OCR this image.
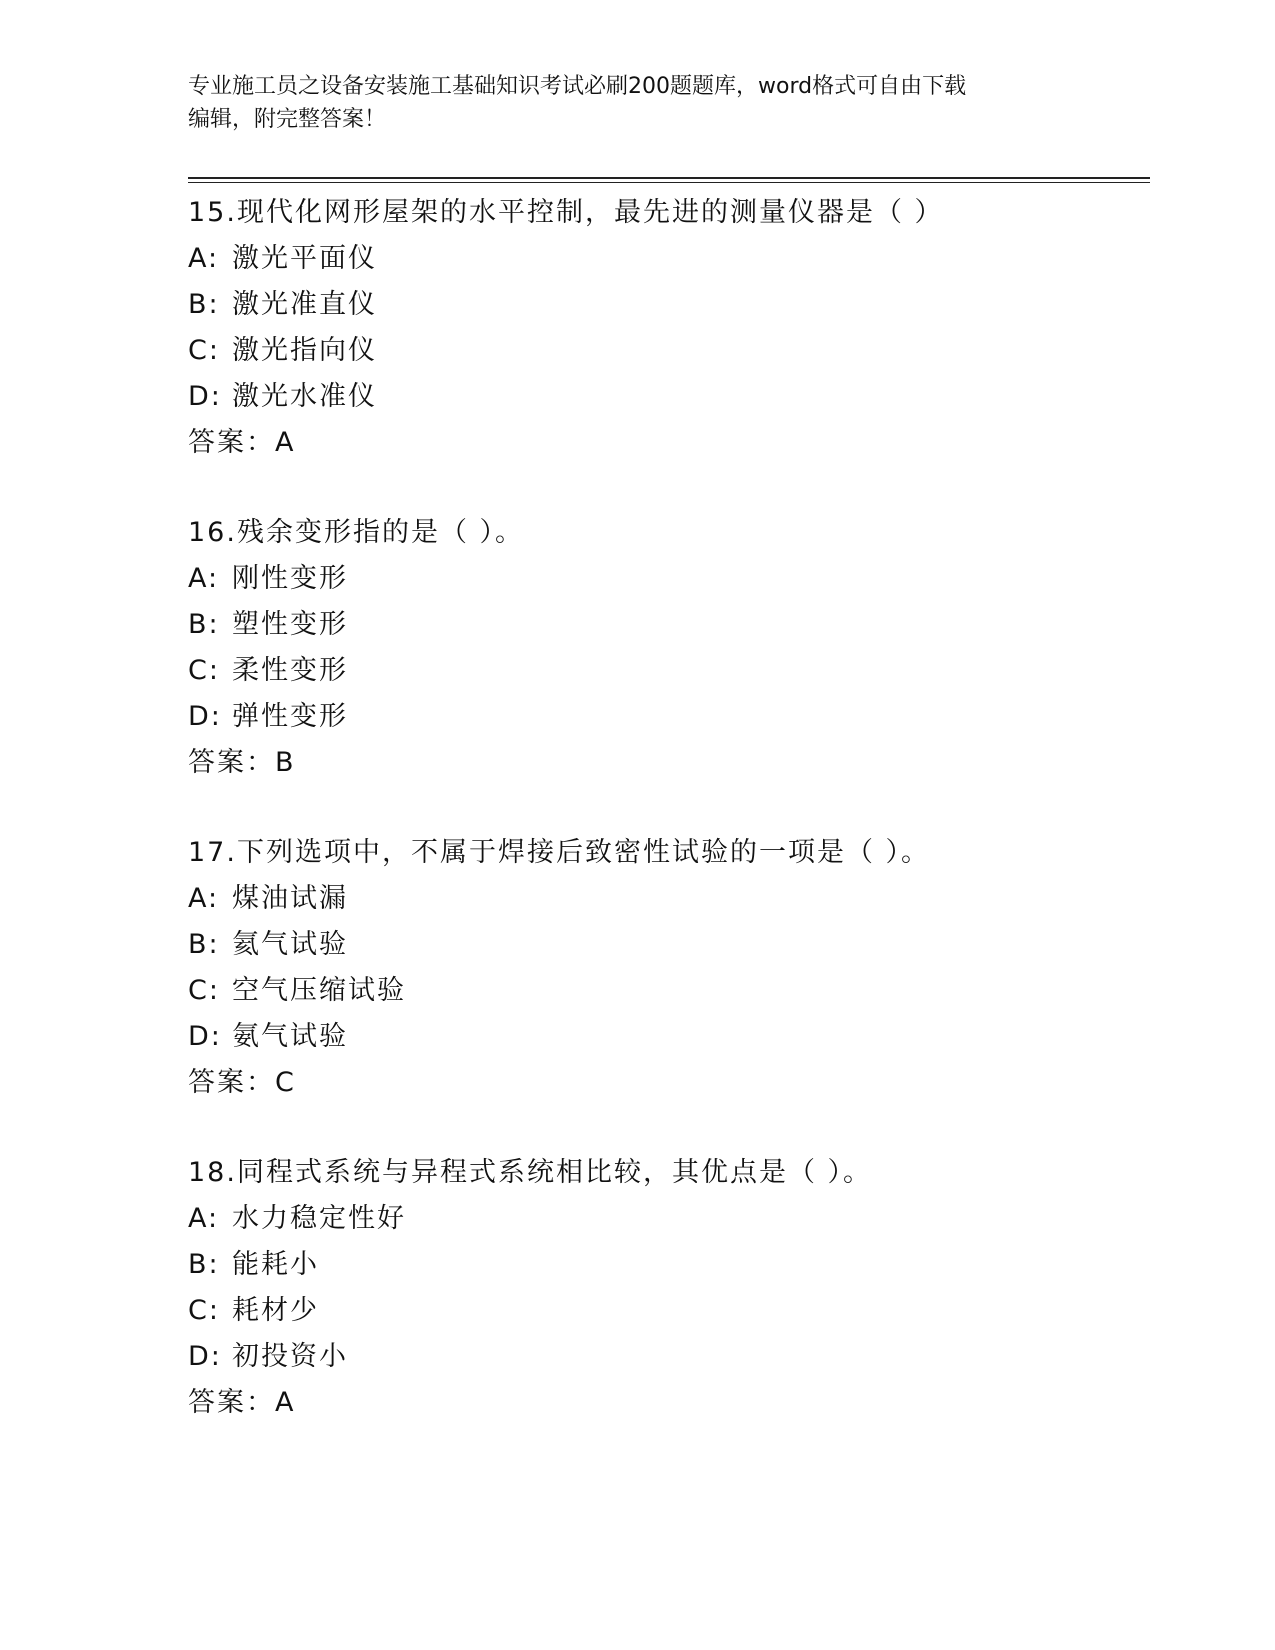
专业施工员之设备安装施工基础知识考试必刷200题题库，word格式可自由下载
编辑，附完整答案！
15.现代化网形屋架的水平控制，最先进的测量仪器是（ ）
A: 激光平面仪
B: 激光准直仪
C: 激光指向仪
D: 激光水准仪
答案：A
16.残余变形指的是（ ）。
A: 刚性变形
B: 塑性变形
C: 柔性变形
D: 弹性变形
答案：B
17.下列选项中，不属于焊接后致密性试验的一项是（ ）。
A: 煤油试漏
B: 氦气试验
C: 空气压缩试验
D: 氨气试验
答案：C
18.同程式系统与异程式系统相比较，其优点是（ ）。
A: 水力稳定性好
B: 能耗小
C: 耗材少
D: 初投资小
答案：A
